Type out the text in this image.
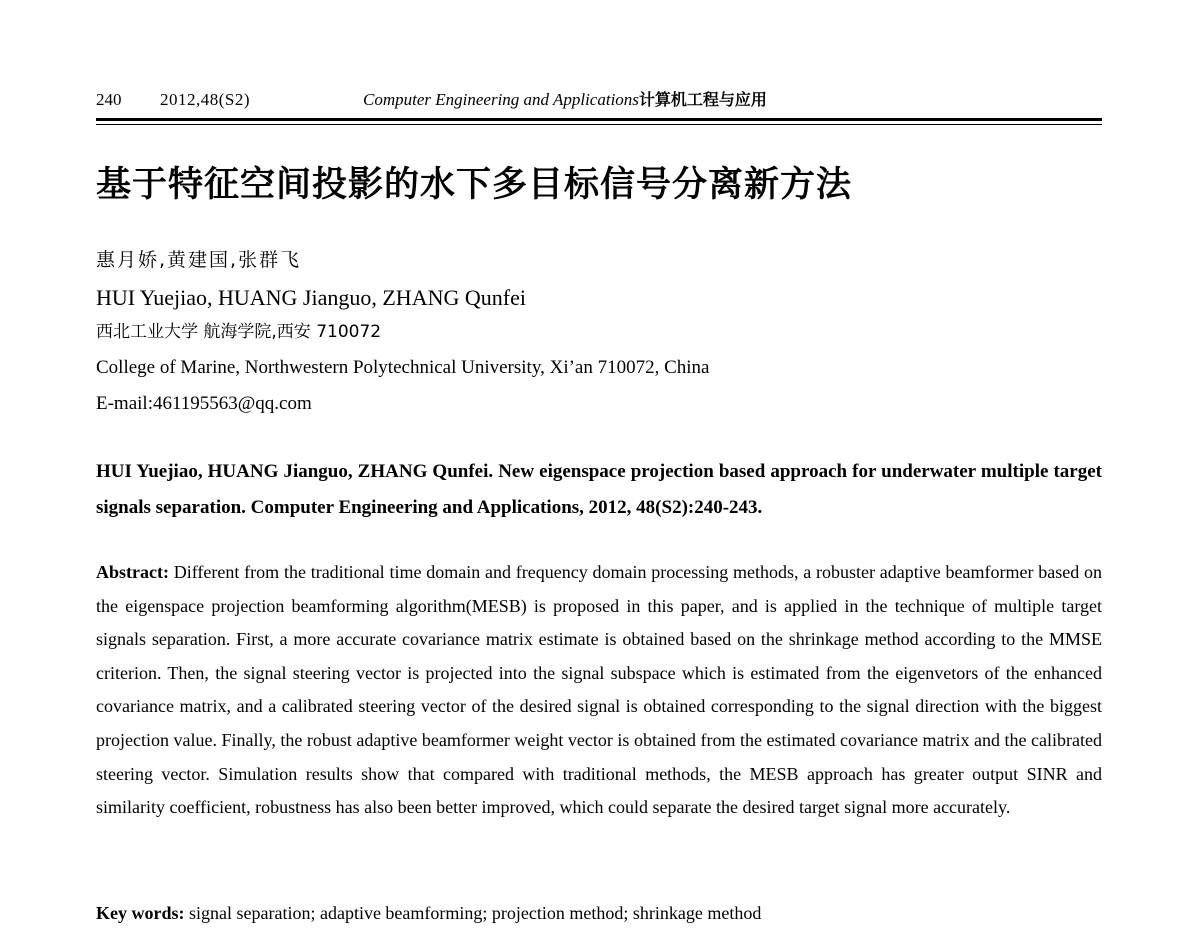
240 2012,48(S2)	Computer Engineering and Applications计算机工程与应用
基于特征空间投影的水下多目标信号分离新方法
惠月娇,黄建国,张群飞
HUI Yuejiao, HUANG Jianguo, ZHANG Qunfei
西北工业大学 航海学院,西安 710072
College of Marine, Northwestern Polytechnical University, Xi’an 710072, China
E-mail:461195563@qq.com
HUI Yuejiao, HUANG Jianguo, ZHANG Qunfei. New eigenspace projection based approach for underwater multiple target signals separation. Computer Engineering and Applications, 2012, 48(S2):240-243.
Abstract: Different from the traditional time domain and frequency domain processing methods, a robuster adaptive beamformer based on the eigenspace projection beamforming algorithm(MESB) is proposed in this paper, and is applied in the technique of multiple target signals separation. First, a more accurate covariance matrix estimate is obtained based on the shrinkage method according to the MMSE criterion. Then, the signal steering vector is projected into the signal subspace which is estimated from the eigenvetors of the enhanced covariance matrix, and a calibrated steering vector of the desired signal is obtained corresponding to the signal direction with the biggest projection value. Finally, the robust adaptive beamformer weight vector is obtained from the estimated covariance matrix and the calibrated steering vector. Simulation results show that compared with traditional methods, the MESB approach has greater output SINR and similarity coefficient, robustness has also been better improved, which could separate the desired target signal more accurately.
Key words: signal separation; adaptive beamforming; projection method; shrinkage method
